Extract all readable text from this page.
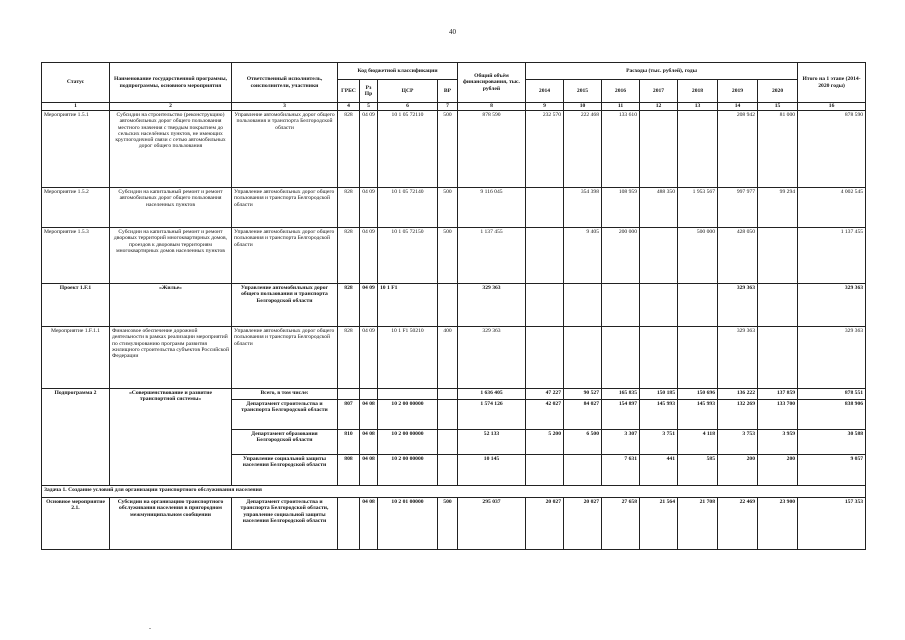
40
Статус	Наименование государственной программы, подпрограммы, основного мероприятия	Ответственный исполнитель, соисполнители, участники	Код бюджетной классификации				Общий объём финансирования, тыс. рублей	Расходы (тыс. рублей), годы							Итого на 1 этапе (2014-2020 годы)
			ГРБС	Рз Пр	ЦСР	ВР		2014	2015	2016	2017	2018	2019	2020	
1	2	3	4	5	6	7	8	9	10	11	12	13	14	15	16
Мероприятие 1.5.1	Субсидии на строительство (реконструкцию) автомобильных дорог общего пользования местного значения с твердым покрытием до сельских населённых пунктов, не имеющих круглогодичной связи с сетью автомобильных дорог общего пользования	Управление автомобильных дорог общего пользования и транспорта Белгородской области	828	04 09	10 1 05 72110	500	878 590	232 570	222 468	133 610			208 942	81 000	878 590
Мероприятие 1.5.2	Субсидии на капитальный ремонт и ремонт автомобильных дорог общего пользования населенных пунктов	Управление автомобильных дорог общего пользования и транспорта Белгородской области	828	04 09	10 1 05 72140	500	9 116 045		354 398	108 959	488 350	1 953 567	997 977	99 294	4 002 545
Мероприятие 1.5.3	Субсидии на капитальный ремонт и ремонт дворовых территорий многоквартирных домов, проездов к дворовым территориям многоквартирных домов населенных пунктов	Управление автомобильных дорог общего пользования и транспорта Белгородской области	828	04 09	10 1 05 72150	500	1 137 455		9 405	200 000		500 000	428 050		1 137 455
Проект 1.F.1	«Жилье»	Управление автомобильных дорог общего пользования и транспорта Белгородской области	828	04 09	10 1 F1		329 363						329 363		329 363
Мероприятие 1.F.1.1	Финансовое обеспечение дорожной деятельности в рамках реализации мероприятий по стимулированию программ развития жилищного строительства субъектов Российской Федерации	Управление автомобильных дорог общего пользования и транспорта Белгородской области	828	04 09	10 1 F1 50210	400	329 363						329 363		329 363
Подпрограмма 2	«Совершенствование и развитие транспортной системы»	Всего, в том числе:					1 636 405	47 227	90 527	165 835	150 185	150 696	136 222	137 859	878 551
		Департамент строительства и транспорта Белгородской области	807	04 08	10 2 00 00000		1 574 126	42 027	84 027	154 897	145 993	145 993	132 269	133 700	838 906
		Департамент образования Белгородской области	810	04 08	10 2 00 00000		52 133	5 200	6 500	3 307	3 751	4 118	3 753	3 959	30 588
		Управление социальной защиты населения Белгородской области	808	04 08	10 2 00 00000		10 145			7 631	441	585	200	200	9 057
Задача 1. Создание условий для организации транспортного обслуживания населения															
Основное мероприятие 2.1.	Субсидии на организацию транспортного обслуживания населения в пригородном межмуниципальном сообщении	Департамент строительства и транспорта Белгородской области, управление социальной защиты населения Белгородской области		04 08	10 2 01 00000	500	295 037	20 027	20 027	27 658	21 564	21 708	22 469	23 900	157 353
.
